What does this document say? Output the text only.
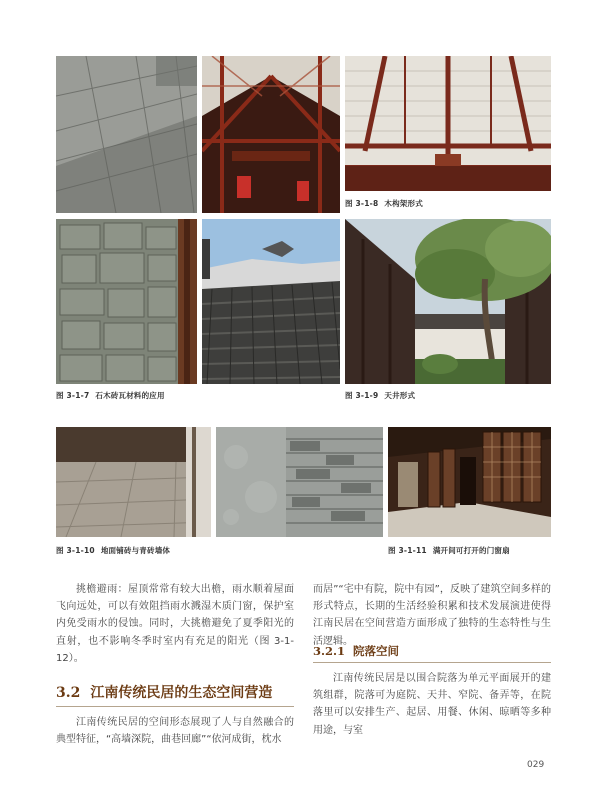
图 3-1-8 木构架形式
图 3-1-7 石木砖瓦材料的应用	图 3-1-9 天井形式
图 3-1-10 地面铺砖与青砖墙体	图 3-1-11 满开间可打开的门窗扇

挑檐避雨：屋顶常常有较大出檐，雨水顺着屋面飞向远处，可以有效阻挡雨水溅湿木质门窗，保护室内免受雨水的侵蚀。同时，大挑檐避免了夏季阳光的直射，也不影响冬季时室内有充足的阳光（图 3-1-12）。

3.2 江南传统民居的生态空间营造

江南传统民居的空间形态展现了人与自然融合的典型特征，“高墙深院，曲巷回廊”“依河成街，枕水

而居”“宅中有院，院中有园”，反映了建筑空间多样的形式特点，长期的生活经验积累和技术发展演进使得江南民居在空间营造方面形成了独特的生态特性与生活逻辑。

3.2.1 院落空间

江南传统民居是以围合院落为单元平面展开的建筑组群，院落可为庭院、天井、窄院、备弄等，在院落里可以安排生产、起居、用餐、休闲、晾晒等多种用途，与室

029
